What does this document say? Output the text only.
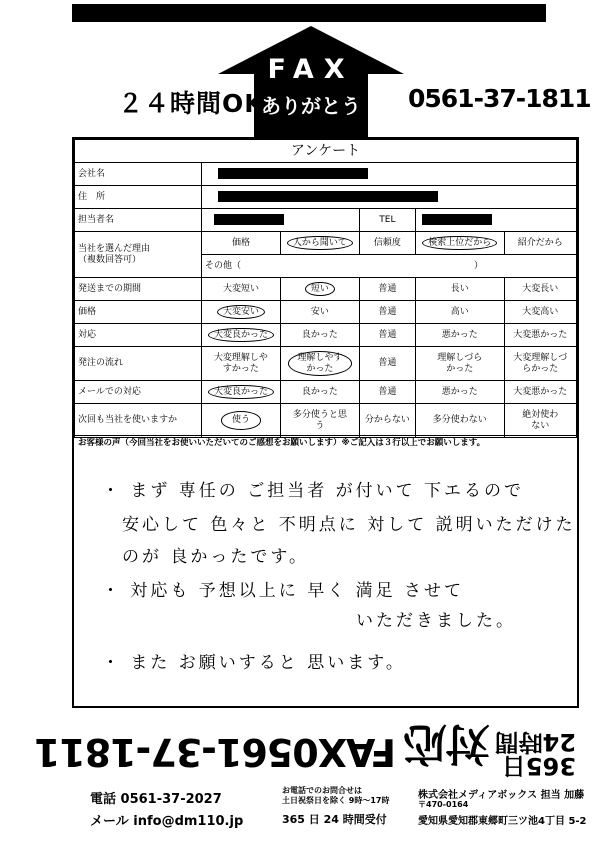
FAX
ありがとう
２４時間OK	0561-37-1811
アンケート					
会社名					
住　所					
担当者名			TEL		
当社を選んだ理由
（複数回答可）	価格	人から聞いて	信頼度	検索上位だから	紹介だから
	その他（ ）				

発送までの期間	大変短い	短い	普通	長い	大変長い
価格	大変安い	安い	普通	高い	大変高い
対応	大変良かった	良かった	普通	悪かった	大変悪かった
発注の流れ	大変理解しやすかった	理解しやすかった	普通	理解しづらかった	大変理解しづらかった
メールでの対応	大変良かった	良かった	普通	悪かった	大変悪かった
次回も当社を使いますか	使う	多分使うと思う	分からない	多分使わない	絶対使わない
お客様の声（今回当社をお使いいただいてのご感想をお願いします）※ご記入は３行以上でお願いします。
・ まず 専任の ご担当者 が付いて 下エるので
安心して 色々と 不明点に 対して 説明いただけた
のが 良かったです。
・ 対応も 予想以上に 早く 満足 させて
いただきました。
・ また お願いすると 思います。
365日
24時間
対応
FAX0561-37-1811
電話 0561-37-2027
メール info@dm110.jp
お電話でのお問合せは
土日祝祭日を除く 9時〜17時
365 日 24 時間受付
株式会社メディアボックス 担当 加藤
〒470-0164
愛知県愛知郡東郷町三ツ池4丁目 5-2
